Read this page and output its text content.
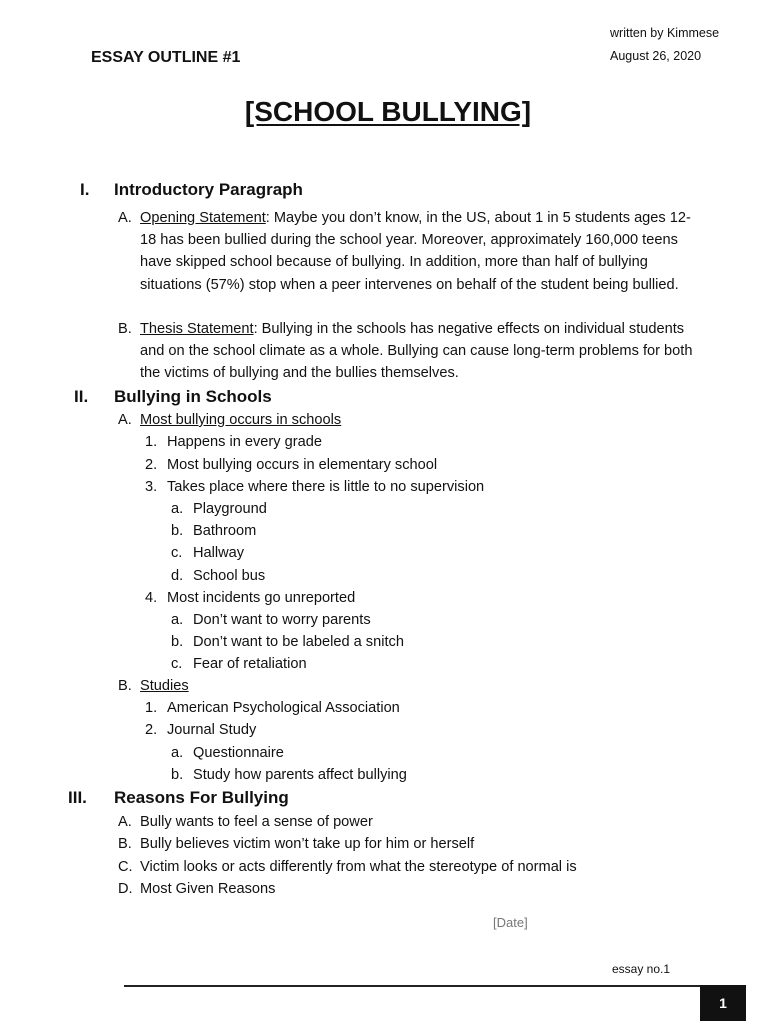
written by Kimmese
August 26, 2020
ESSAY OUTLINE #1
[SCHOOL BULLYING]
I. Introductory Paragraph
A. Opening Statement: Maybe you don’t know, in the US, about 1 in 5 students ages 12-18 has been bullied during the school year. Moreover, approximately 160,000 teens have skipped school because of bullying. In addition, more than half of bullying situations (57%) stop when a peer intervenes on behalf of the student being bullied.
B. Thesis Statement: Bullying in the schools has negative effects on individual students and on the school climate as a whole. Bullying can cause long-term problems for both the victims of bullying and the bullies themselves.
II. Bullying in Schools
A. Most bullying occurs in schools
1. Happens in every grade
2. Most bullying occurs in elementary school
3. Takes place where there is little to no supervision
a. Playground
b. Bathroom
c. Hallway
d. School bus
4. Most incidents go unreported
a. Don’t want to worry parents
b. Don’t want to be labeled a snitch
c. Fear of retaliation
B. Studies
1. American Psychological Association
2. Journal Study
a. Questionnaire
b. Study how parents affect bullying
III. Reasons For Bullying
A. Bully wants to feel a sense of power
B. Bully believes victim won’t take up for him or herself
C. Victim looks or acts differently from what the stereotype of normal is
D. Most Given Reasons
[Date]
essay no.1
1
